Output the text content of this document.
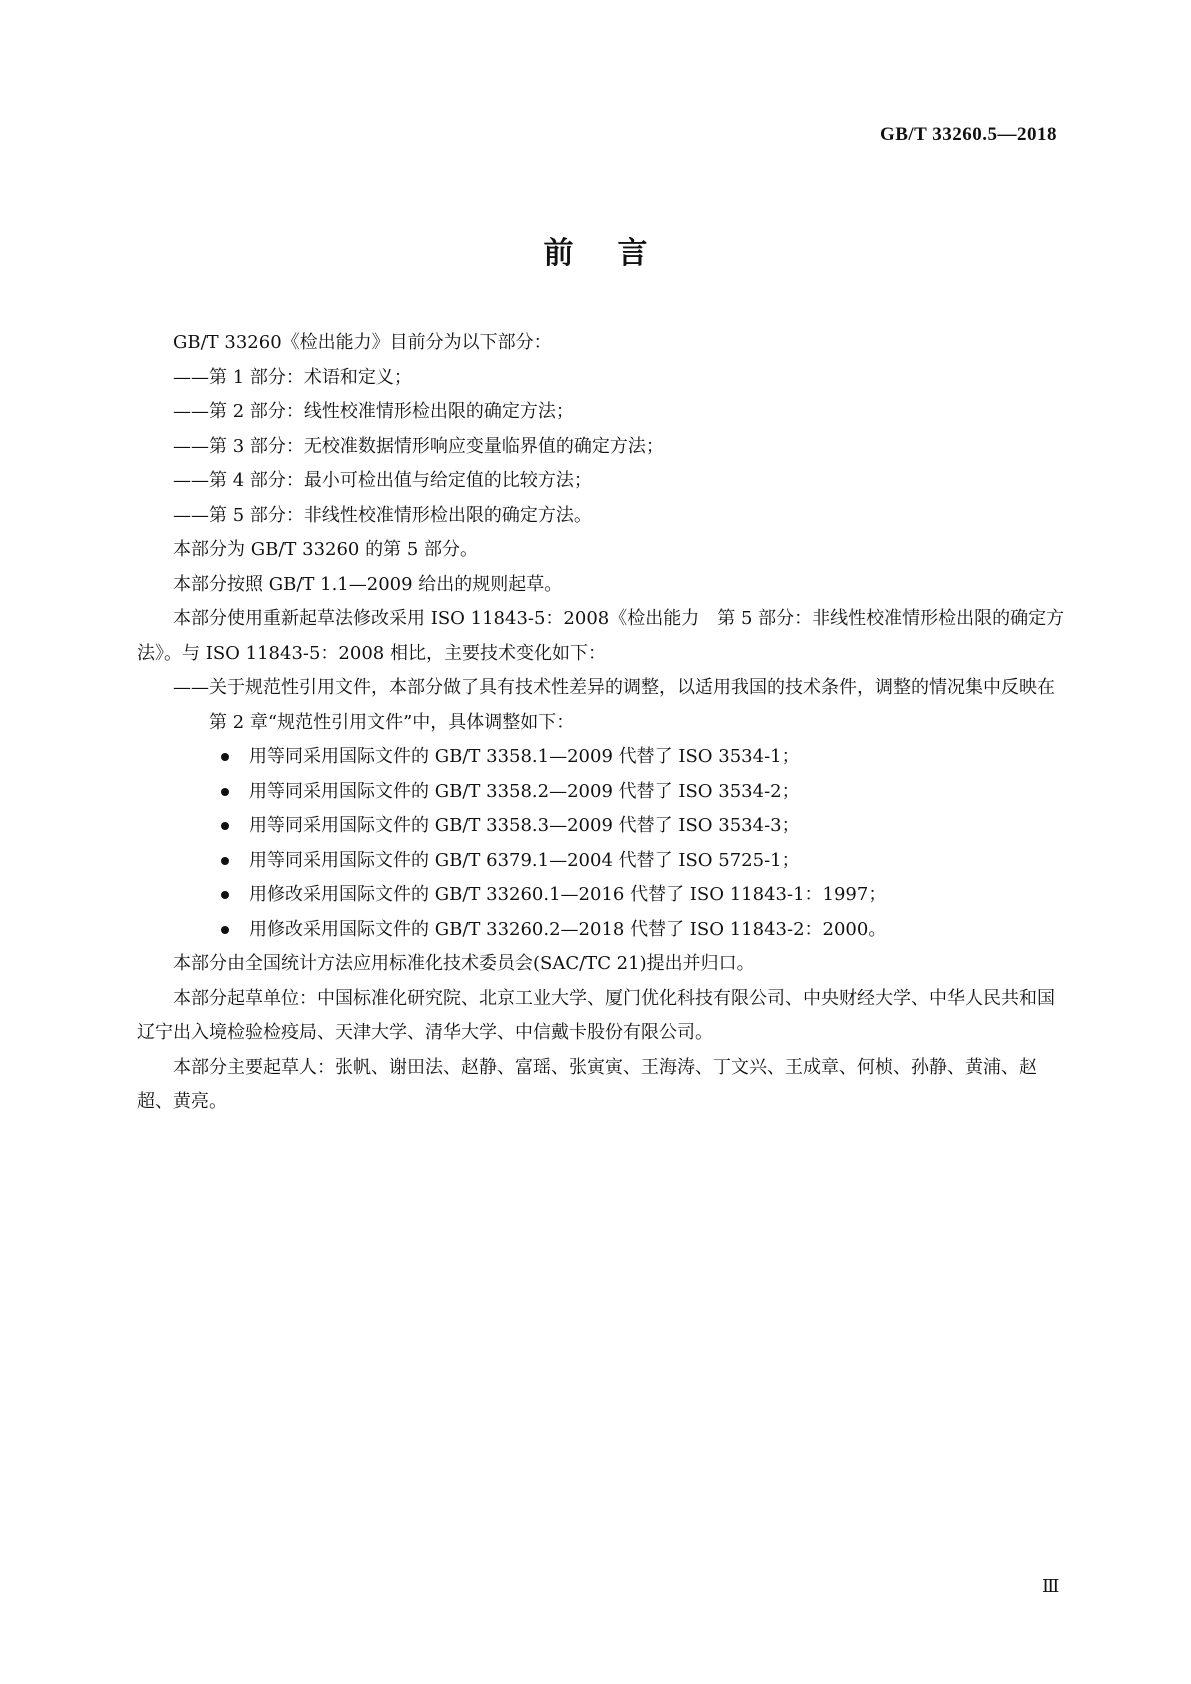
GB/T 33260.5—2018
前言

GB/T 33260《检出能力》目前分为以下部分：

——第 1 部分：术语和定义；

——第 2 部分：线性校准情形检出限的确定方法；

——第 3 部分：无校准数据情形响应变量临界值的确定方法；

——第 4 部分：最小可检出值与给定值的比较方法；

——第 5 部分：非线性校准情形检出限的确定方法。

本部分为 GB/T 33260 的第 5 部分。

本部分按照 GB/T 1.1—2009 给出的规则起草。

本部分使用重新起草法修改采用 ISO 11843-5：2008《检出能力　第 5 部分：非线性校准情形检出限的确定方法》。与 ISO 11843-5：2008 相比，主要技术变化如下：

——关于规范性引用文件，本部分做了具有技术性差异的调整，以适用我国的技术条件，调整的情况集中反映在第 2 章“规范性引用文件”中，具体调整如下：

用等同采用国际文件的 GB/T 3358.1—2009 代替了 ISO 3534-1；
用等同采用国际文件的 GB/T 3358.2—2009 代替了 ISO 3534-2；
用等同采用国际文件的 GB/T 3358.3—2009 代替了 ISO 3534-3；
用等同采用国际文件的 GB/T 6379.1—2004 代替了 ISO 5725-1；
用修改采用国际文件的 GB/T 33260.1—2016 代替了 ISO 11843-1：1997；
用修改采用国际文件的 GB/T 33260.2—2018 代替了 ISO 11843-2：2000。

本部分由全国统计方法应用标准化技术委员会(SAC/TC 21)提出并归口。

本部分起草单位：中国标准化研究院、北京工业大学、厦门优化科技有限公司、中央财经大学、中华人民共和国辽宁出入境检验检疫局、天津大学、清华大学、中信戴卡股份有限公司。

本部分主要起草人：张帆、谢田法、赵静、富瑶、张寅寅、王海涛、丁文兴、王成章、何桢、孙静、黄浦、赵超、黄亮。

Ⅲ
